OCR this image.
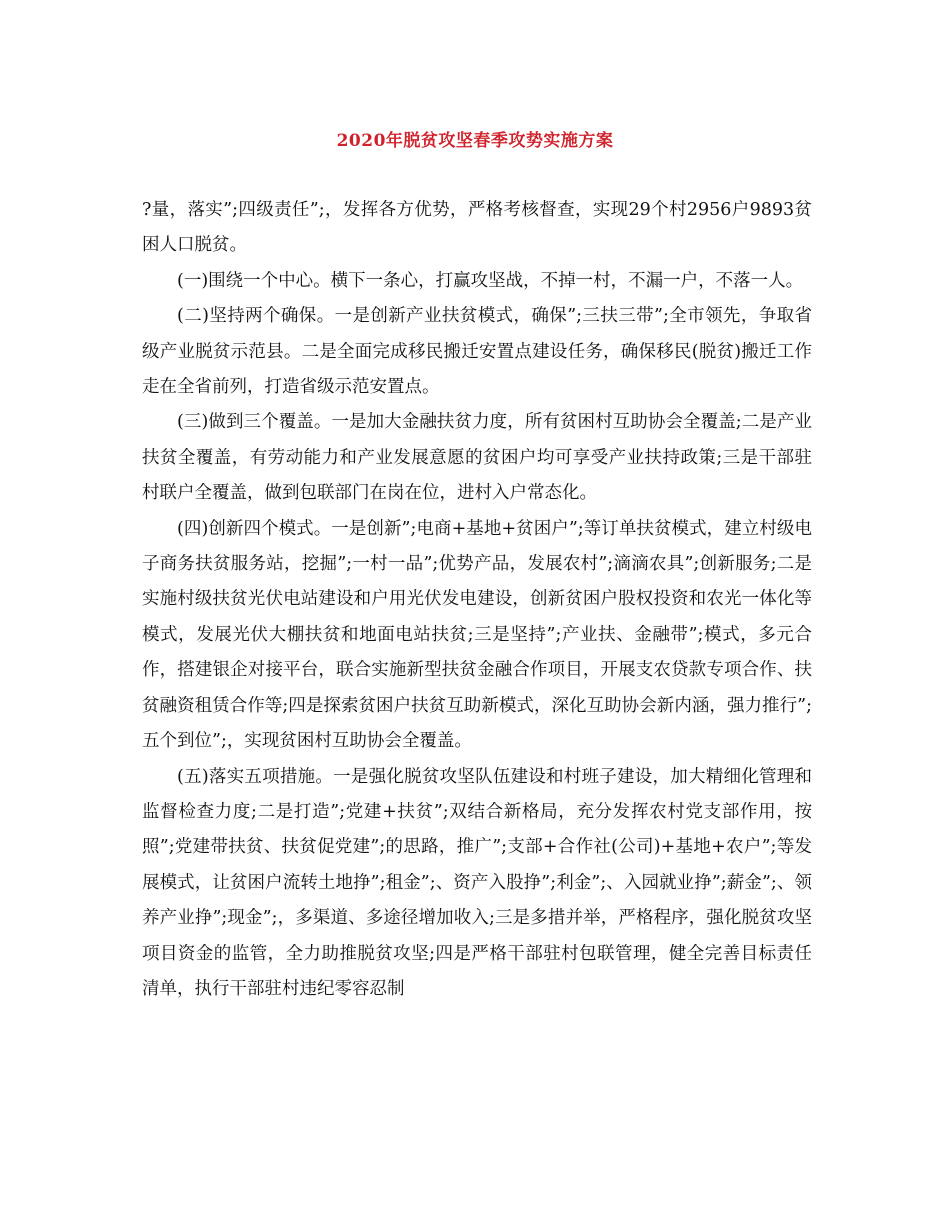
2020年脱贫攻坚春季攻势实施方案

?量，落实”;四级责任”;，发挥各方优势，严格考核督查，实现29个村2956户9893贫困人口脱贫。

(一)围绕一个中心。横下一条心，打赢攻坚战，不掉一村，不漏一户，不落一人。

(二)坚持两个确保。一是创新产业扶贫模式，确保”;三扶三带”;全市领先，争取省级产业脱贫示范县。二是全面完成移民搬迁安置点建设任务，确保移民(脱贫)搬迁工作走在全省前列，打造省级示范安置点。

(三)做到三个覆盖。一是加大金融扶贫力度，所有贫困村互助协会全覆盖;二是产业扶贫全覆盖，有劳动能力和产业发展意愿的贫困户均可享受产业扶持政策;三是干部驻村联户全覆盖，做到包联部门在岗在位，进村入户常态化。

(四)创新四个模式。一是创新”;电商+基地+贫困户”;等订单扶贫模式，建立村级电子商务扶贫服务站，挖掘”;一村一品”;优势产品，发展农村”;滴滴农具”;创新服务;二是实施村级扶贫光伏电站建设和户用光伏发电建设，创新贫困户股权投资和农光一体化等模式，发展光伏大棚扶贫和地面电站扶贫;三是坚持”;产业扶、金融带”;模式，多元合作，搭建银企对接平台，联合实施新型扶贫金融合作项目，开展支农贷款专项合作、扶贫融资租赁合作等;四是探索贫困户扶贫互助新模式，深化互助协会新内涵，强力推行”;五个到位”;，实现贫困村互助协会全覆盖。

(五)落实五项措施。一是强化脱贫攻坚队伍建设和村班子建设，加大精细化管理和监督检查力度;二是打造”;党建+扶贫”;双结合新格局，充分发挥农村党支部作用，按照”;党建带扶贫、扶贫促党建”;的思路，推广”;支部+合作社(公司)+基地+农户”;等发展模式，让贫困户流转土地挣”;租金”;、资产入股挣”;利金”;、入园就业挣”;薪金”;、领养产业挣”;现金”;，多渠道、多途径增加收入;三是多措并举，严格程序，强化脱贫攻坚项目资金的监管，全力助推脱贫攻坚;四是严格干部驻村包联管理，健全完善目标责任清单，执行干部驻村违纪零容忍制
